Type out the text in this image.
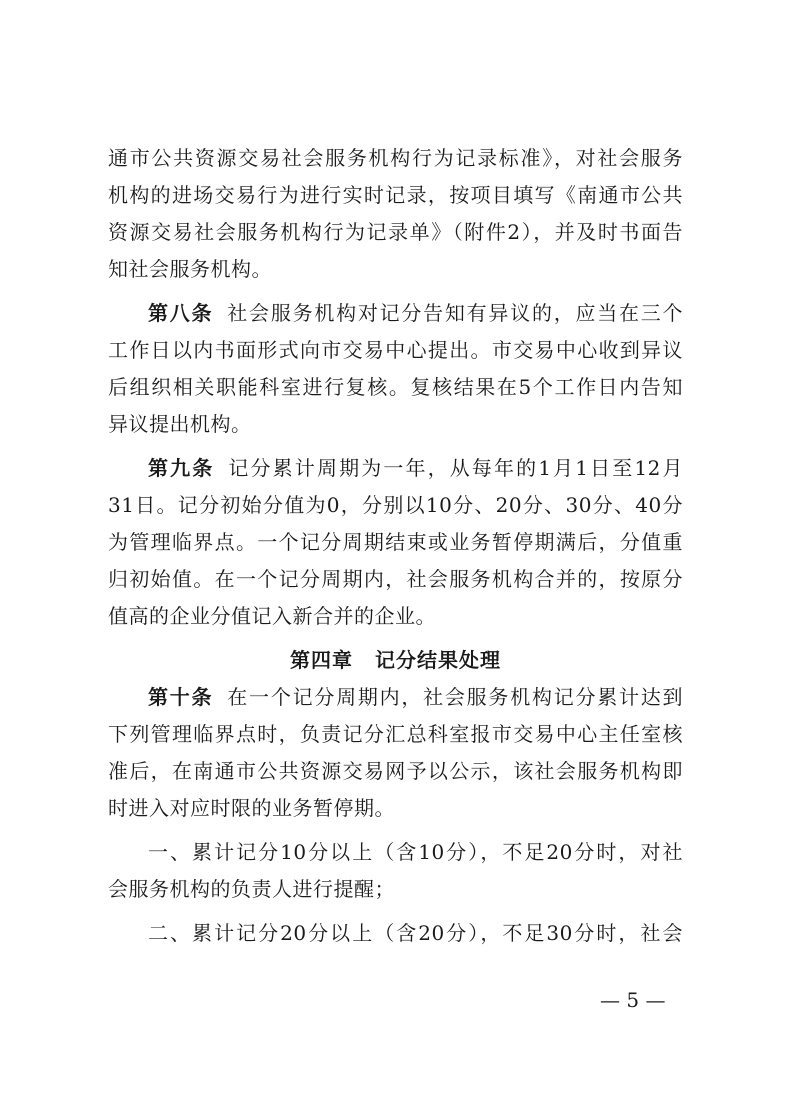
通市公共资源交易社会服务机构行为记录标准》，对社会服务
机构的进场交易行为进行实时记录，按项目填写《南通市公共
资源交易社会服务机构行为记录单》（附件2），并及时书面告
知社会服务机构。
第八条 社会服务机构对记分告知有异议的，应当在三个
工作日以内书面形式向市交易中心提出。市交易中心收到异议
后组织相关职能科室进行复核。复核结果在5个工作日内告知
异议提出机构。
第九条 记分累计周期为一年，从每年的1月1日至12月
31日。记分初始分值为0，分别以10分、20分、30分、40分
为管理临界点。一个记分周期结束或业务暂停期满后，分值重
归初始值。在一个记分周期内，社会服务机构合并的，按原分
值高的企业分值记入新合并的企业。
第四章 记分结果处理
第十条 在一个记分周期内，社会服务机构记分累计达到
下列管理临界点时，负责记分汇总科室报市交易中心主任室核
准后，在南通市公共资源交易网予以公示，该社会服务机构即
时进入对应时限的业务暂停期。
一、累计记分10分以上（含10分），不足20分时，对社
会服务机构的负责人进行提醒；
二、累计记分20分以上（含20分），不足30分时，社会
— 5 —
